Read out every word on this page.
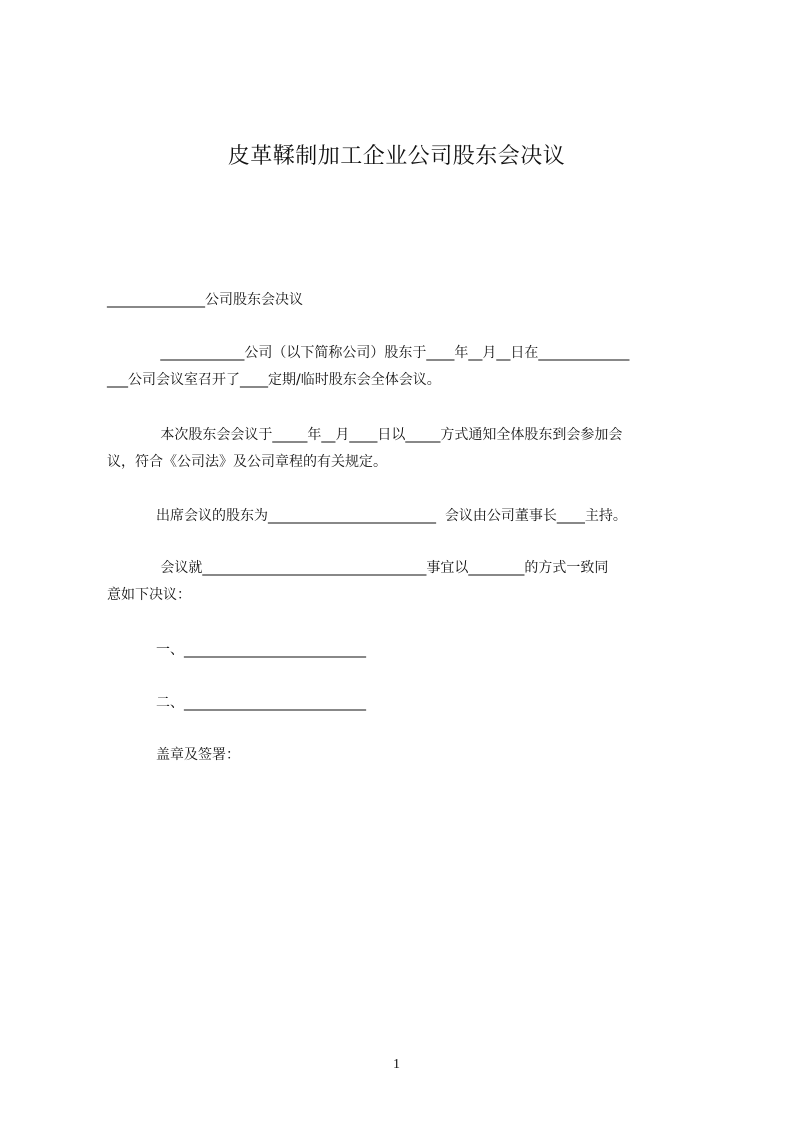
皮革鞣制加工企业公司股东会决议
______________公司股东会决议
____________公司（以下简称公司）股东于____年__月__日在_____________
___公司会议室召开了____定期/临时股东会全体会议。
本次股东会会议于_____年__月____日以_____方式通知全体股东到会参加会
议，符合《公司法》及公司章程的有关规定。
出席会议的股东为________________________  会议由公司董事长____主持。
会议就________________________________事宜以________的方式一致同
意如下决议：
一、__________________________
二、__________________________
盖章及签署：
1
